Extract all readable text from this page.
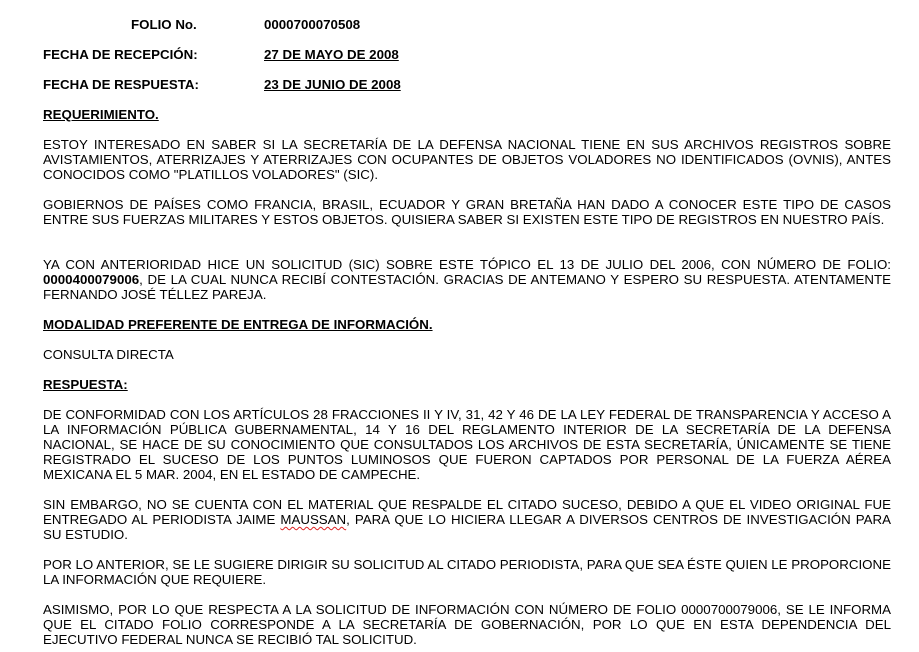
FOLIO No.	0000700070508
FECHA DE RECEPCIÓN:	27 DE MAYO DE 2008
FECHA DE RESPUESTA:	23 DE JUNIO DE 2008
REQUERIMIENTO.
ESTOY INTERESADO EN SABER SI LA SECRETARÍA DE LA DEFENSA NACIONAL TIENE EN SUS ARCHIVOS REGISTROS SOBRE AVISTAMIENTOS, ATERRIZAJES Y ATERRIZAJES CON OCUPANTES DE OBJETOS VOLADORES NO IDENTIFICADOS (OVNIS), ANTES CONOCIDOS COMO "PLATILLOS VOLADORES" (SIC).
GOBIERNOS DE PAÍSES COMO FRANCIA, BRASIL, ECUADOR Y GRAN BRETAÑA HAN DADO A CONOCER ESTE TIPO DE CASOS ENTRE SUS FUERZAS MILITARES Y ESTOS OBJETOS. QUISIERA SABER SI EXISTEN ESTE TIPO DE REGISTROS EN NUESTRO PAÍS.
YA CON ANTERIORIDAD HICE UN SOLICITUD (SIC) SOBRE ESTE TÓPICO EL 13 DE JULIO DEL 2006, CON NÚMERO DE FOLIO: 0000400079006, DE LA CUAL NUNCA RECIBÍ CONTESTACIÓN. GRACIAS DE ANTEMANO Y ESPERO SU RESPUESTA. ATENTAMENTE FERNANDO JOSÉ TÉLLEZ PAREJA.
MODALIDAD PREFERENTE DE ENTREGA DE INFORMACIÓN.
CONSULTA DIRECTA
RESPUESTA:
DE CONFORMIDAD CON LOS ARTÍCULOS 28 FRACCIONES II Y IV, 31, 42 Y 46 DE LA LEY FEDERAL DE TRANSPARENCIA Y ACCESO A LA INFORMACIÓN PÚBLICA GUBERNAMENTAL, 14 Y 16 DEL REGLAMENTO INTERIOR DE LA SECRETARÍA DE LA DEFENSA NACIONAL, SE HACE DE SU CONOCIMIENTO QUE CONSULTADOS LOS ARCHIVOS DE ESTA SECRETARÍA, ÚNICAMENTE SE TIENE REGISTRADO EL SUCESO DE LOS PUNTOS LUMINOSOS QUE FUERON CAPTADOS POR PERSONAL DE LA FUERZA AÉREA MEXICANA EL 5 MAR. 2004, EN EL ESTADO DE CAMPECHE.
SIN EMBARGO, NO SE CUENTA CON EL MATERIAL QUE RESPALDE EL CITADO SUCESO, DEBIDO A QUE EL VIDEO ORIGINAL FUE ENTREGADO AL PERIODISTA JAIME MAUSSAN, PARA QUE LO HICIERA LLEGAR A DIVERSOS CENTROS DE INVESTIGACIÓN PARA SU ESTUDIO.
POR LO ANTERIOR, SE LE SUGIERE DIRIGIR SU SOLICITUD AL CITADO PERIODISTA, PARA QUE SEA ÉSTE QUIEN LE PROPORCIONE LA INFORMACIÓN QUE REQUIERE.
ASIMISMO, POR LO QUE RESPECTA A LA SOLICITUD DE INFORMACIÓN CON NÚMERO DE FOLIO 0000700079006, SE LE INFORMA QUE EL CITADO FOLIO CORRESPONDE A LA SECRETARÍA DE GOBERNACIÓN, POR LO QUE EN ESTA DEPENDENCIA DEL EJECUTIVO FEDERAL NUNCA SE RECIBIÓ TAL SOLICITUD.
